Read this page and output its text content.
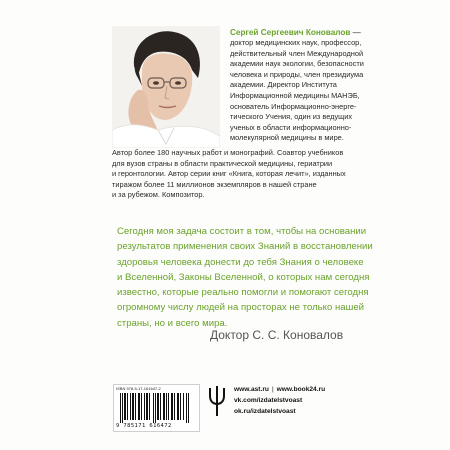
Сергей Сергеевич Коновалов —
доктор медицинских наук, профессор,
действительный член Международной
академии наук экологии, безопасности
человека и природы, член президиума
академии. Директор Института
Информационной медицины МАНЭБ,
основатель Информационно-энерге-
тического Учения, один из ведущих
ученых в области информационно-
молекулярной медицины в мире.
Автор более 180 научных работ и монографий. Соавтор учебников
для вузов страны в области практической медицины, гериатрии
и геронтологии. Автор серии книг «Книга, которая лечит», изданных
тиражом более 11 миллионов экземпляров в нашей стране
и за рубежом. Композитор.
Сегодня моя задача состоит в том, чтобы на основании
результатов применения своих Знаний в восстановлении
здоровья человека донести до тебя Знания о человеке
и Вселенной, Законы Вселенной, о которых нам сегодня
известно, которые реально помогли и помогают сегодня
огромному числу людей на просторах не только нашей
страны, но и всего мира.
Доктор С. С. Коновалов
ISBN 978-5-17-161647-2
9 785171 616472
www.ast.ru | www.book24.ru
vk.com/izdatelstvoast
ok.ru/izdatelstvoast
